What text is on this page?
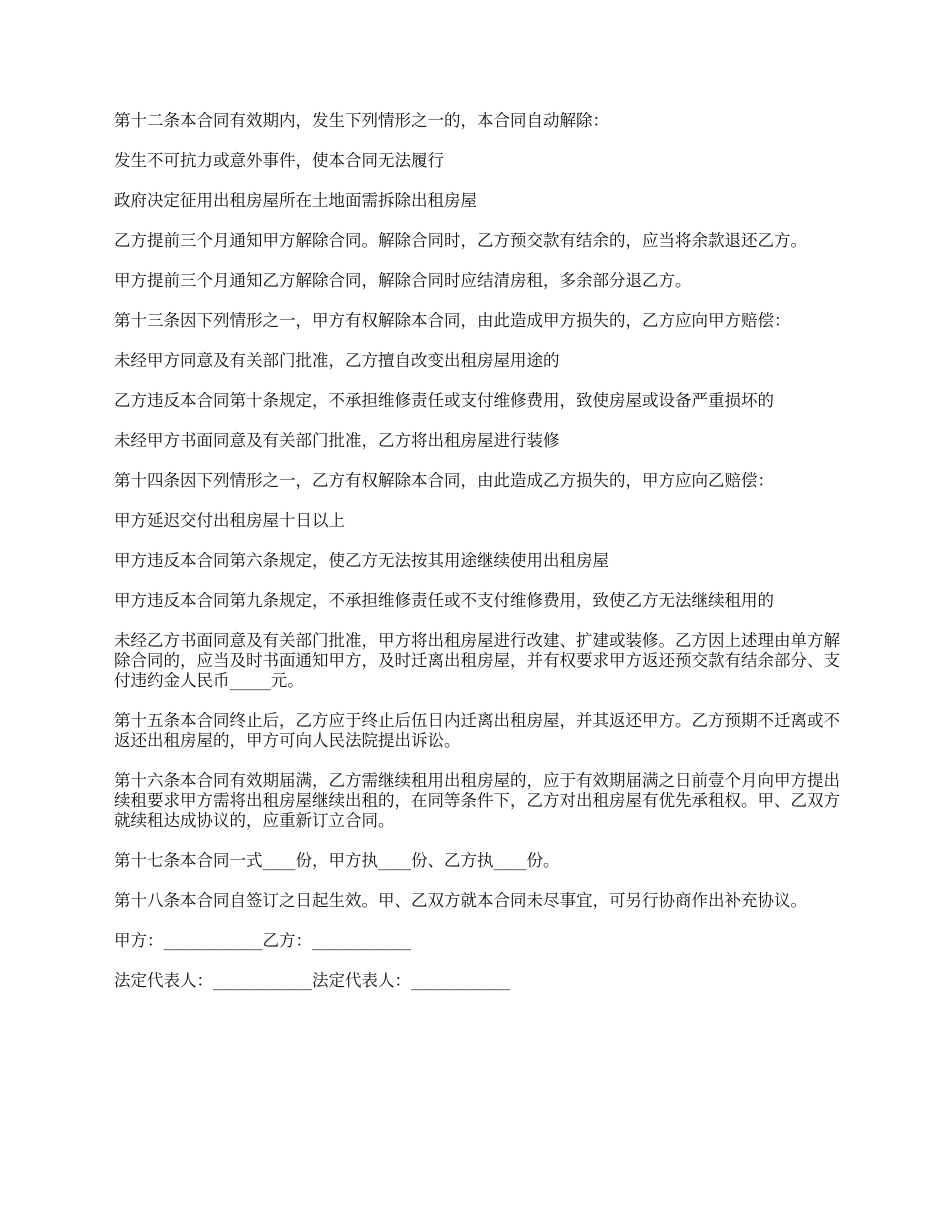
第十二条本合同有效期内，发生下列情形之一的，本合同自动解除：

发生不可抗力或意外事件，使本合同无法履行

政府决定征用出租房屋所在土地面需拆除出租房屋

乙方提前三个月通知甲方解除合同。解除合同时，乙方预交款有结余的，应当将余款退还乙方。

甲方提前三个月通知乙方解除合同，解除合同时应结清房租，多余部分退乙方。

第十三条因下列情形之一，甲方有权解除本合同，由此造成甲方损失的，乙方应向甲方赔偿：

未经甲方同意及有关部门批准，乙方擅自改变出租房屋用途的

乙方违反本合同第十条规定，不承担维修责任或支付维修费用，致使房屋或设备严重损坏的

未经甲方书面同意及有关部门批准，乙方将出租房屋进行装修

第十四条因下列情形之一，乙方有权解除本合同，由此造成乙方损失的，甲方应向乙赔偿：

甲方延迟交付出租房屋十日以上

甲方违反本合同第六条规定，使乙方无法按其用途继续使用出租房屋

甲方违反本合同第九条规定，不承担维修责任或不支付维修费用，致使乙方无法继续租用的

未经乙方书面同意及有关部门批准，甲方将出租房屋进行改建、扩建或装修。乙方因上述理由单方解除合同的，应当及时书面通知甲方，及时迁离出租房屋，并有权要求甲方返还预交款有结余部分、支付违约金人民币_____元。

第十五条本合同终止后，乙方应于终止后伍日内迁离出租房屋，并其返还甲方。乙方预期不迁离或不返还出租房屋的，甲方可向人民法院提出诉讼。

第十六条本合同有效期届满，乙方需继续租用出租房屋的，应于有效期届满之日前壹个月向甲方提出续租要求甲方需将出租房屋继续出租的，在同等条件下，乙方对出租房屋有优先承租权。甲、乙双方就续租达成协议的，应重新订立合同。

第十七条本合同一式____份，甲方执____份、乙方执____份。

第十八条本合同自签订之日起生效。甲、乙双方就本合同未尽事宜，可另行协商作出补充协议。

甲方：____________乙方：____________

法定代表人：____________法定代表人：____________
